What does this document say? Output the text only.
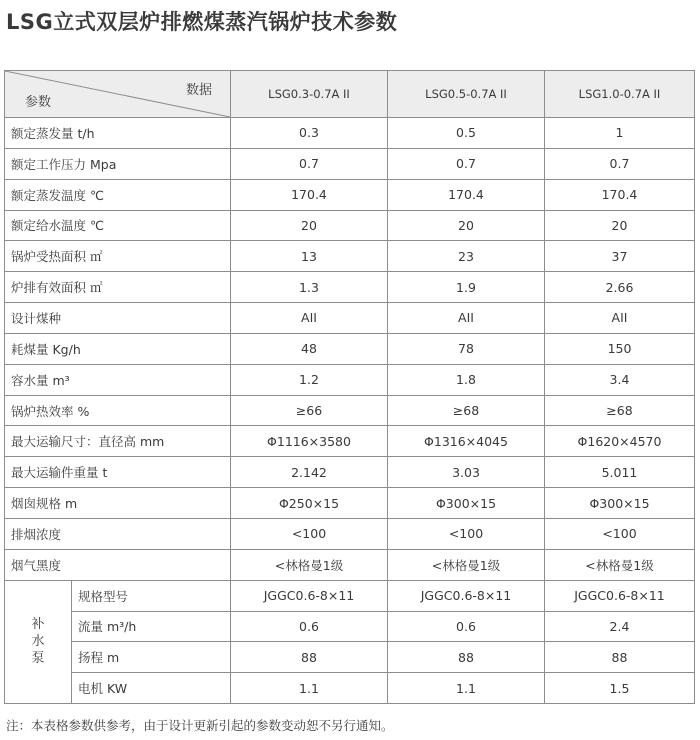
LSG立式双层炉排燃煤蒸汽锅炉技术参数
数据
参数		LSG0.3-0.7A II	LSG0.5-0.7A II	LSG1.0-0.7A II
额定蒸发量 t/h		0.3	0.5	1
额定工作压力 Mpa		0.7	0.7	0.7
额定蒸发温度 ℃		170.4	170.4	170.4
额定给水温度 ℃		20	20	20
锅炉受热面积 ㎡		13	23	37
炉排有效面积 ㎡		1.3	1.9	2.66
设计煤种		AII	AII	AII
耗煤量 Kg/h		48	78	150
容水量 m³		1.2	1.8	3.4
锅炉热效率 %		≥66	≥68	≥68
最大运输尺寸：直径高 mm		Φ1116×3580	Φ1316×4045	Φ1620×4570
最大运输件重量 t		2.142	3.03	5.011
烟囱规格 m		Φ250×15	Φ300×15	Φ300×15
排烟浓度		<100	<100	<100
烟气黑度		<林格曼1级	<林格曼1级	<林格曼1级
补水泵	规格型号	JGGC0.6-8×11	JGGC0.6-8×11	JGGC0.6-8×11
	流量 m³/h	0.6	0.6	2.4
	扬程 m	88	88	88
	电机 KW	1.1	1.1	1.5
注：本表格参数供参考，由于设计更新引起的参数变动恕不另行通知。
